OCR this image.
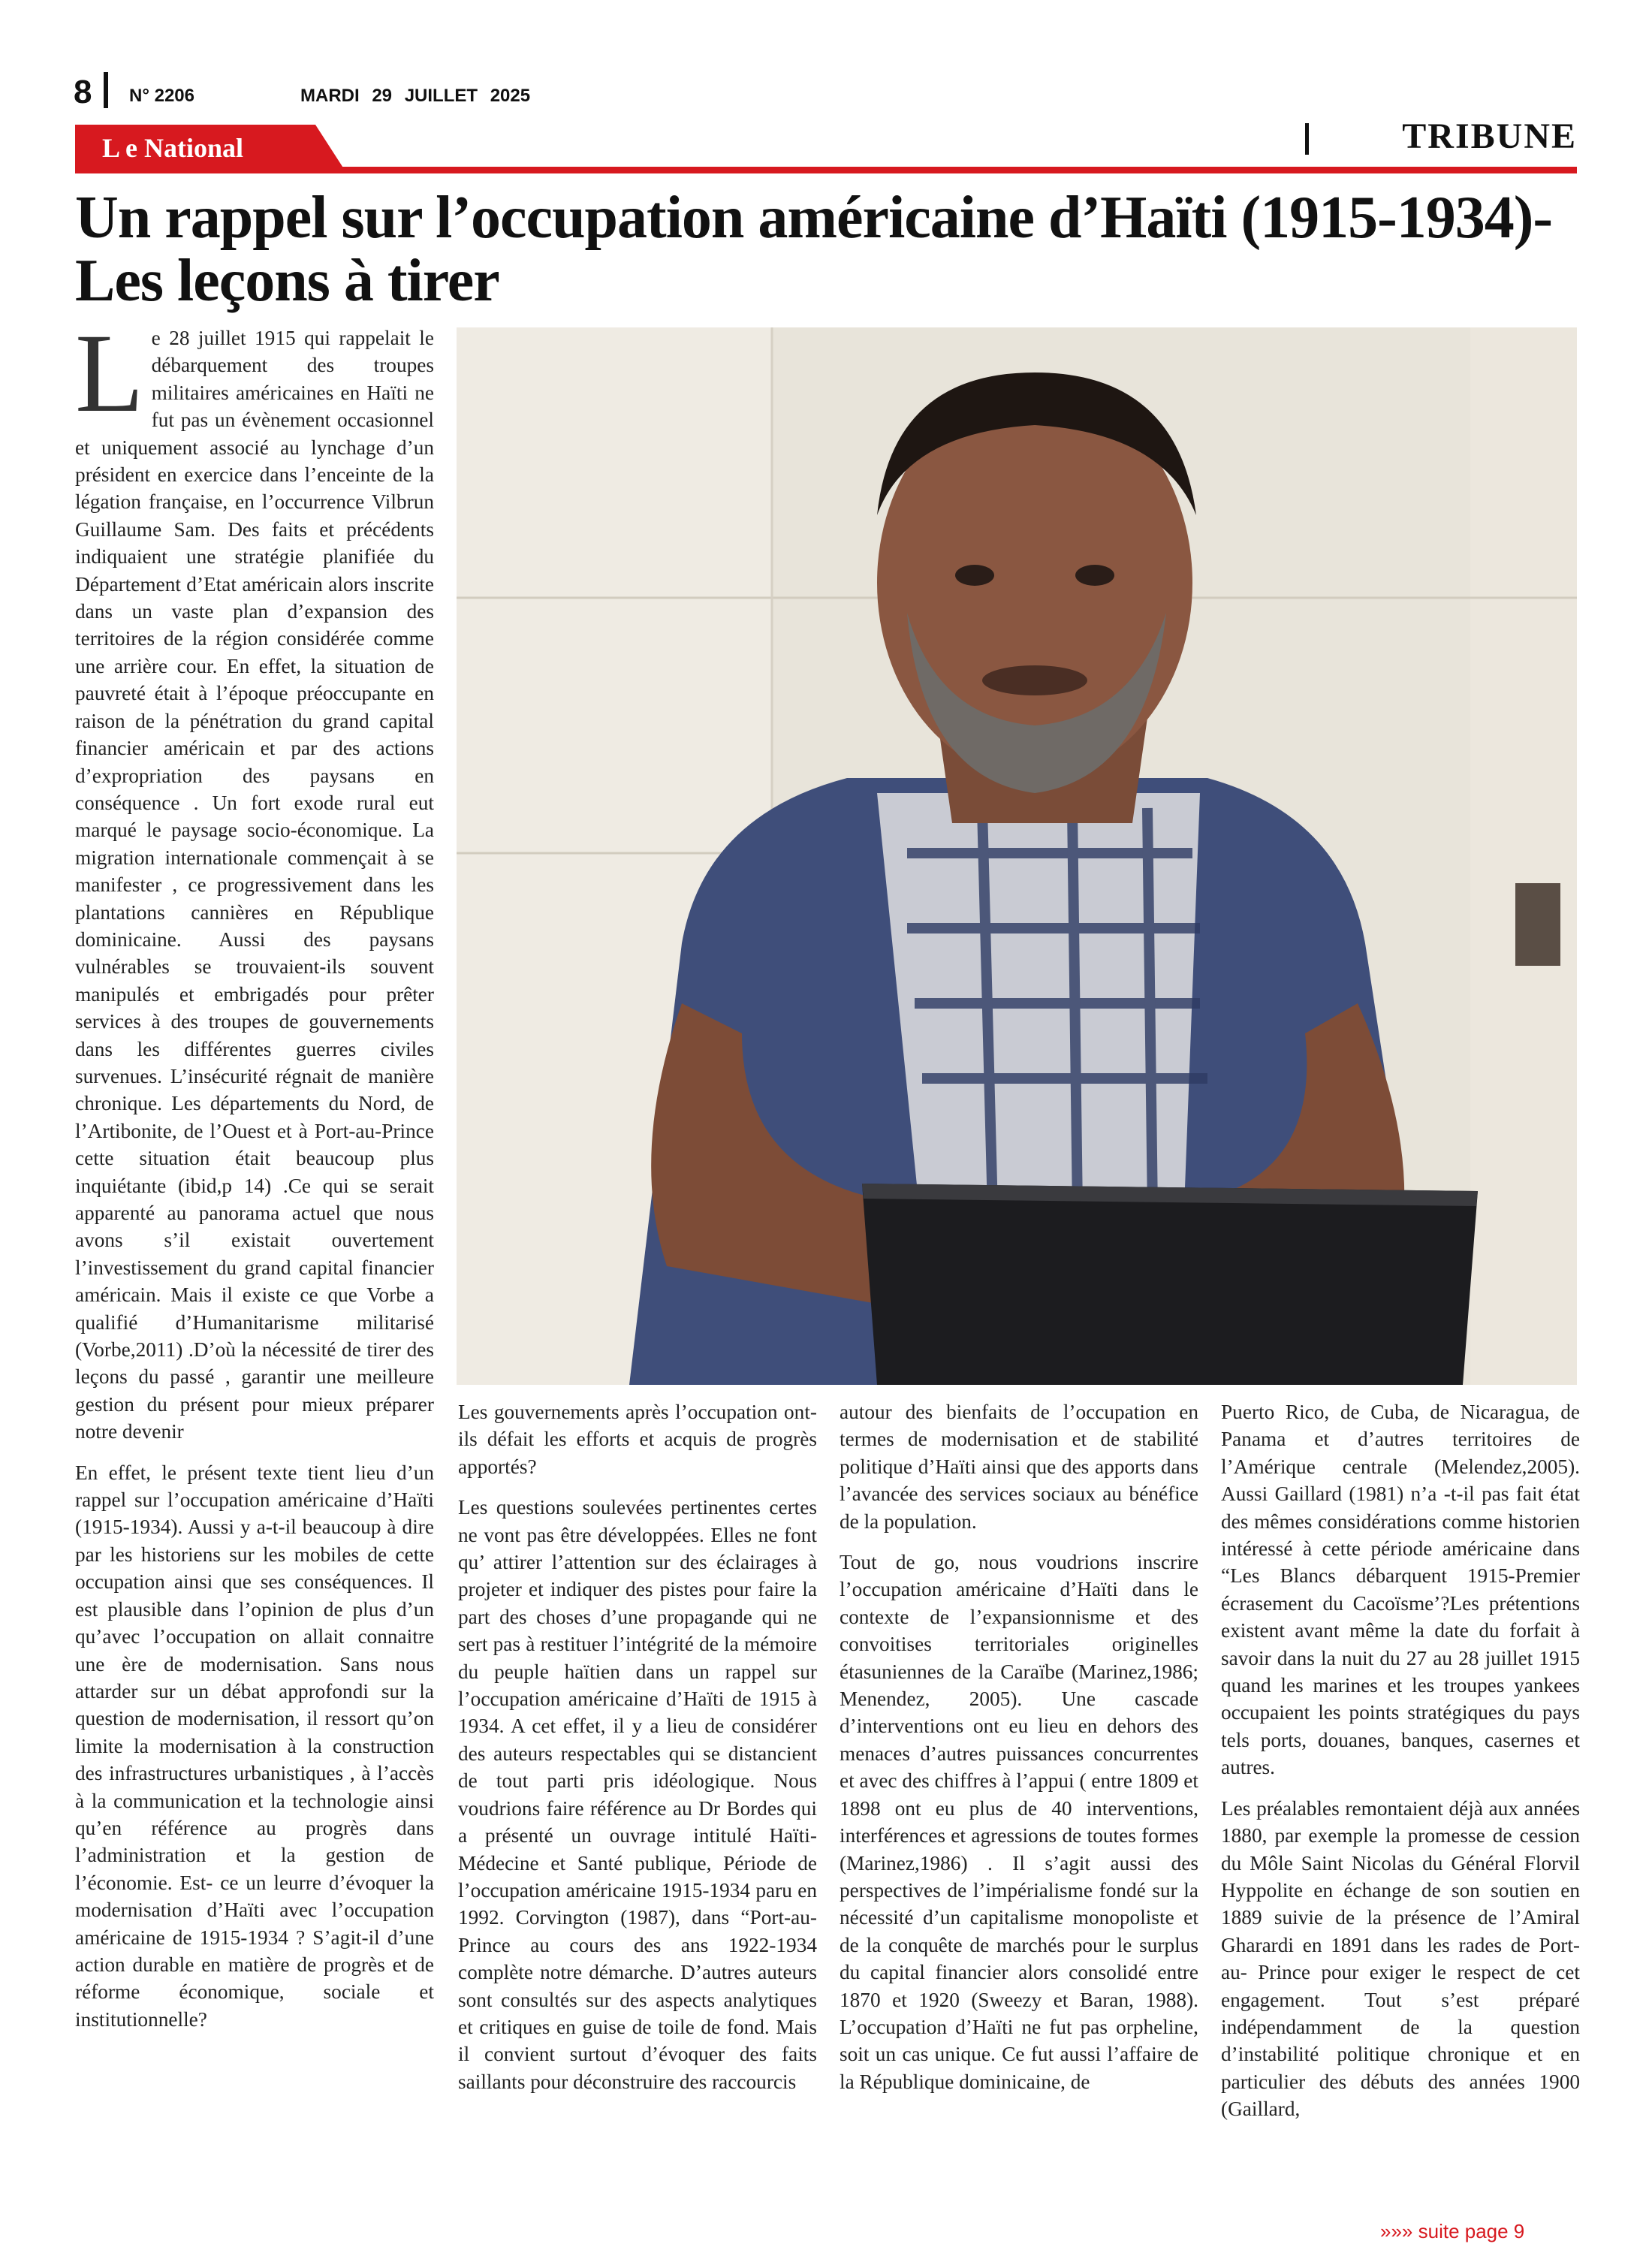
8 N° 2206	MARDI 29 JUILLET 2025
L e National	TRIBUNE
Un rappel sur l’occupation américaine d’Haïti (1915-1934)-
Les leçons à tirer

Le 28 juillet 1915 qui rappelait le débarquement des troupes militaires américaines en Haïti ne fut pas un évènement occasionnel et uniquement associé au lynchage d’un président en exercice dans l’enceinte de la légation française, en l’occurrence Vilbrun Guillaume Sam. Des faits et précédents indiquaient une stratégie planifiée du Département d’Etat américain alors inscrite dans un vaste plan d’expansion des territoires de la région considérée comme une arrière cour. En effet, la situation de pauvreté était à l’époque préoccupante en raison de la pénétration du grand capital financier américain et par des actions d’expropriation des paysans en conséquence . Un fort exode rural eut marqué le paysage socio-économique. La migration internationale commençait à se manifester , ce progressivement dans les plantations cannières en République dominicaine. Aussi des paysans vulnérables se trouvaient-ils souvent manipulés et embrigadés pour prêter services à des troupes de gouvernements dans les différentes guerres civiles survenues. L’insécurité régnait de manière chronique. Les départements du Nord, de l’Artibonite, de l’Ouest et à Port-au-Prince cette situation était beaucoup plus inquiétante (ibid,p 14) .Ce qui se serait apparenté au panorama actuel que nous avons s’il existait ouvertement l’investissement du grand capital financier américain. Mais il existe ce que Vorbe a qualifié d’Humanitarisme militarisé (Vorbe,2011) .D’où la nécessité de tirer des leçons du passé , garantir une meilleure gestion du présent pour mieux préparer notre devenir

En effet, le présent texte tient lieu d’un rappel sur l’occupation américaine d’Haïti (1915-1934). Aussi y a-t-il beaucoup à dire par les historiens sur les mobiles de cette occupation ainsi que ses conséquences. Il est plausible dans l’opinion de plus d’un qu’avec l’occupation on allait connaitre une ère de modernisation. Sans nous attarder sur un débat approfondi sur la question de modernisation, il ressort qu’on limite la modernisation à la construction des infrastructures urbanistiques , à l’accès à la communication et la technologie ainsi qu’en référence au progrès dans l’administration et la gestion de l’économie. Est- ce un leurre d’évoquer la modernisation d’Haïti avec l’occupation américaine de 1915-1934 ? S’agit-il d’une action durable en matière de progrès et de réforme économique, sociale et institutionnelle?

Les gouvernements après l’occupation ont-ils défait les efforts et acquis de progrès apportés?

Les questions soulevées pertinentes certes ne vont pas être développées. Elles ne font qu’ attirer l’attention sur des éclairages à projeter et indiquer des pistes pour faire la part des choses d’une propagande qui ne sert pas à restituer l’intégrité de la mémoire du peuple haïtien dans un rappel sur l’occupation américaine d’Haïti de 1915 à 1934. A cet effet, il y a lieu de considérer des auteurs respectables qui se distancient de tout parti pris idéologique. Nous voudrions faire référence au Dr Bordes qui a présenté un ouvrage intitulé Haïti- Médecine et Santé publique, Période de l’occupation américaine 1915-1934 paru en 1992. Corvington (1987), dans “Port-au-Prince au cours des ans 1922-1934 complète notre démarche. D’autres auteurs sont consultés sur des aspects analytiques et critiques en guise de toile de fond. Mais il convient surtout d’évoquer des faits saillants pour déconstruire des raccourcis

autour des bienfaits de l’occupation en termes de modernisation et de stabilité politique d’Haïti ainsi que des apports dans l’avancée des services sociaux au bénéfice de la population.

Tout de go, nous voudrions inscrire l’occupation américaine d’Haïti dans le contexte de l’expansionnisme et des convoitises territoriales originelles étasuniennes de la Caraïbe (Marinez,1986; Menendez, 2005). Une cascade d’interventions ont eu lieu en dehors des menaces d’autres puissances concurrentes et avec des chiffres à l’appui ( entre 1809 et 1898 ont eu plus de 40 interventions, interférences et agressions de toutes formes (Marinez,1986) . Il s’agit aussi des perspectives de l’impérialisme fondé sur la nécessité d’un capitalisme monopoliste et de la conquête de marchés pour le surplus du capital financier alors consolidé entre 1870 et 1920 (Sweezy et Baran, 1988). L’occupation d’Haïti ne fut pas orpheline, soit un cas unique. Ce fut aussi l’affaire de la République dominicaine, de

Puerto Rico, de Cuba, de Nicaragua, de Panama et d’autres territoires de l’Amérique centrale (Melendez,2005). Aussi Gaillard (1981) n’a -t-il pas fait état des mêmes considérations comme historien intéressé à cette période américaine dans “Les Blancs débarquent 1915-Premier écrasement du Cacoïsme’?Les prétentions existent avant même la date du forfait à savoir dans la nuit du 27 au 28 juillet 1915 quand les marines et les troupes yankees occupaient les points stratégiques du pays tels ports, douanes, banques, casernes et autres.

Les préalables remontaient déjà aux années 1880, par exemple la promesse de cession du Môle Saint Nicolas du Général Florvil Hyppolite en échange de son soutien en 1889 suivie de la présence de l’Amiral Gharardi en 1891 dans les rades de Port- au- Prince pour exiger le respect de cet engagement. Tout s’est préparé indépendamment de la question d’instabilité politique chronique et en particulier des débuts des années 1900 (Gaillard,

»»» suite page 9
